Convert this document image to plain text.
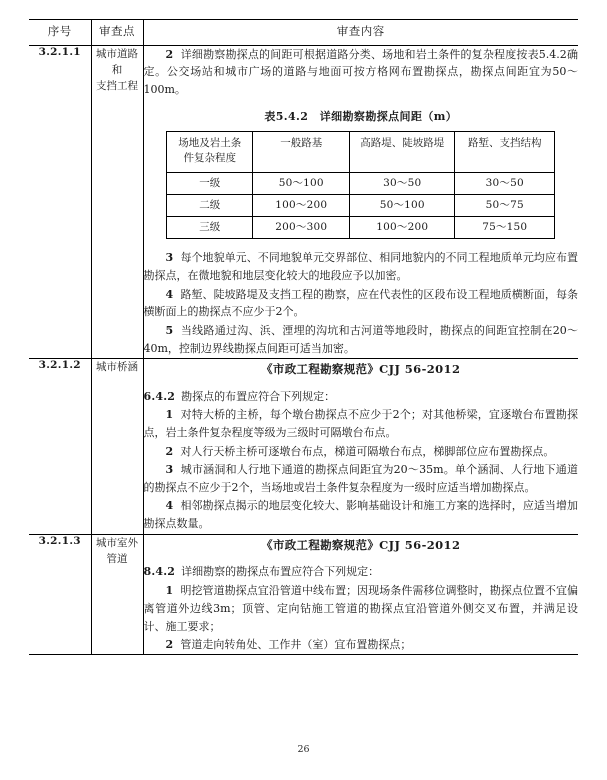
序号	审查点	审查内容

3.2.1.1	城市道路
和
支挡工程

2 详细勘察勘探点的间距可根据道路分类、场地和岩土条件的复杂程度按表5.4.2确定。公交场站和城市广场的道路与地面可按方格网布置勘探点，勘探点间距宜为50～100m。

表5.4.2　详细勘察勘探点间距（m）
场地及岩土条
件复杂程度
	一般路基	高路堤、陡坡路堤	路堑、支挡结构
一级	50～100	30～50	30～50
二级	100～200	50～100	50～75
三级	200～300	100～200	75～150

3 每个地貌单元、不同地貌单元交界部位、相同地貌内的不同工程地质单元均应布置勘探点，在微地貌和地层变化较大的地段应予以加密。

4 路堑、陡坡路堤及支挡工程的勘察，应在代表性的区段布设工程地质横断面，每条横断面上的勘探点不应少于2个。

5 当线路通过沟、浜、湮埋的沟坑和古河道等地段时，勘探点的间距宜控制在20～40m，控制边界线勘探点间距可适当加密。

3.2.1.2	城市桥涵	《市政工程勘察规范》CJJ 56-2012

6.4.2 勘探点的布置应符合下列规定：

1 对特大桥的主桥，每个墩台勘探点不应少于2个；对其他桥梁，宜逐墩台布置勘探点，岩土条件复杂程度等级为三级时可隔墩台布点。

2 对人行天桥主桥可逐墩台布点，梯道可隔墩台布点，梯脚部位应布置勘探点。

3 城市涵洞和人行地下通道的勘探点间距宜为20～35m。单个涵洞、人行地下通道的勘探点不应少于2个，当场地或岩土条件复杂程度为一级时应适当增加勘探点。

4 相邻勘探点揭示的地层变化较大、影响基础设计和施工方案的选择时，应适当增加勘探点数量。

3.2.1.3	城市室外
管道

《市政工程勘察规范》CJJ 56-2012

8.4.2 详细勘察的勘探点布置应符合下列规定：

1 明挖管道勘探点宜沿管道中线布置；因现场条件需移位调整时，勘探点位置不宜偏离管道外边线3m；顶管、定向钻施工管道的勘探点宜沿管道外侧交叉布置，并满足设计、施工要求；

2 管道走向转角处、工作井（室）宜布置勘探点；

26
